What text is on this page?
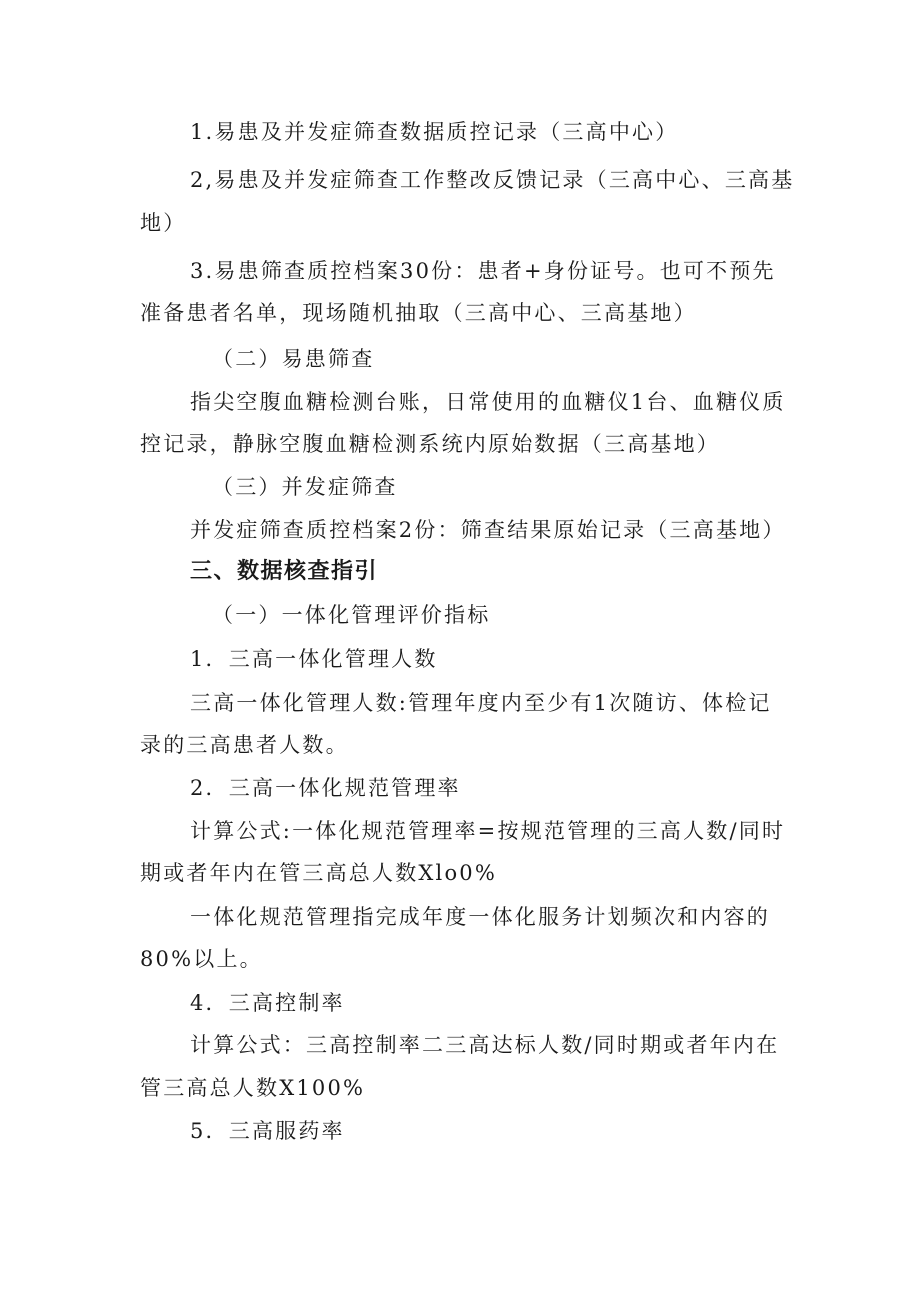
1.易患及并发症筛查数据质控记录（三高中心）
2,易患及并发症筛查工作整改反馈记录（三高中心、三高基
地）
3.易患筛查质控档案30份：患者+身份证号。也可不预先
准备患者名单，现场随机抽取（三高中心、三高基地）
（二）易患筛查
指尖空腹血糖检测台账，日常使用的血糖仪1台、血糖仪质
控记录，静脉空腹血糖检测系统内原始数据（三高基地）
（三）并发症筛查
并发症筛查质控档案2份：筛查结果原始记录（三高基地）
三、数据核查指引
（一）一体化管理评价指标
1．三高一体化管理人数
三高一体化管理人数:管理年度内至少有1次随访、体检记
录的三高患者人数。
2．三高一体化规范管理率
计算公式:一体化规范管理率=按规范管理的三高人数/同时
期或者年内在管三高总人数Xlo0%
一体化规范管理指完成年度一体化服务计划频次和内容的
80%以上。
4．三高控制率
计算公式：三高控制率二三高达标人数/同时期或者年内在
管三高总人数X100%
5．三高服药率
